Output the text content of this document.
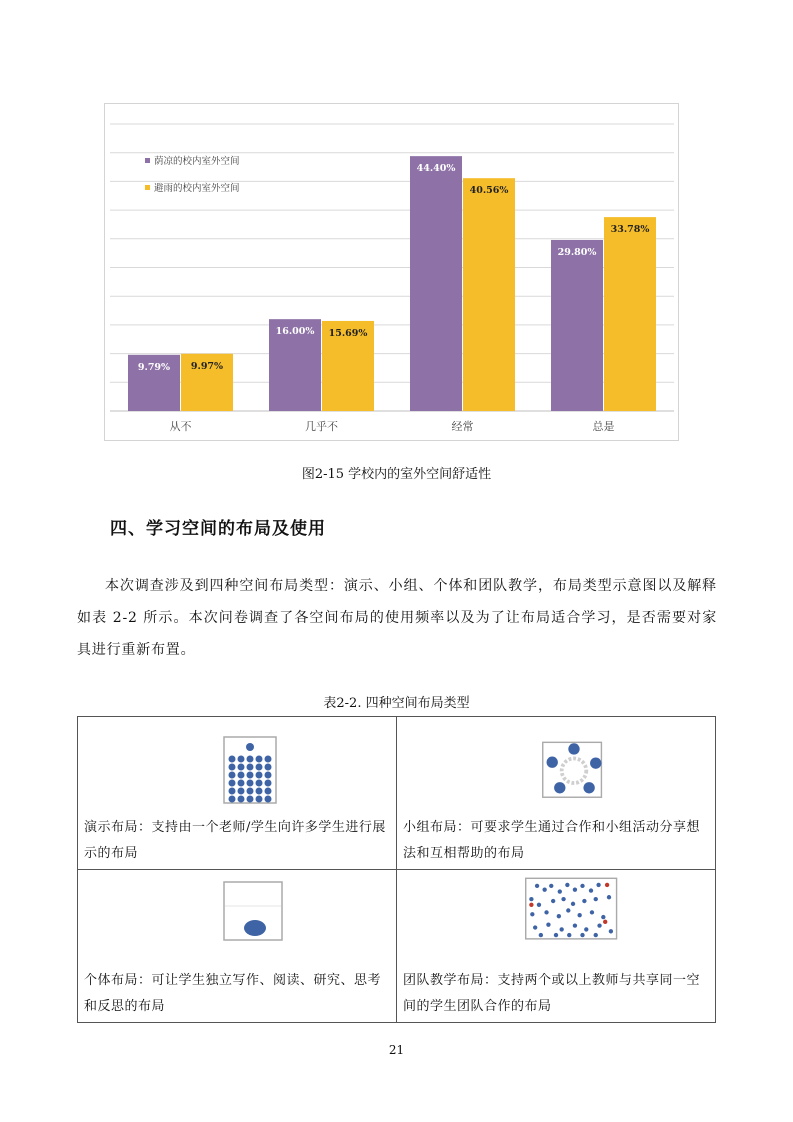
从不
9.79% 9.97%
几乎不
16.00% 15.69%
经常
44.40%
40.56%
总是
29.80%
33.78%
荫凉的校内室外空间
避雨的校内室外空间
图2-15 学校内的室外空间舒适性
四、学习空间的布局及使用

本次调查涉及到四种空间布局类型：演示、小组、个体和团队教学，布局类型示意图以及解释如表 2-2 所示。本次问卷调查了各空间布局的使用频率以及为了让布局适合学习，是否需要对家具进行重新布置。

表2-2. 四种空间布局类型
演示布局：支持由一个老师/学生向许多学生进行展示的布局	小组布局：可要求学生通过合作和小组活动分享想法和互相帮助的布局

个体布局：可让学生独立写作、阅读、研究、思考和反思的布局	团队教学布局：支持两个或以上教师与共享同一空间的学生团队合作的布局
21
